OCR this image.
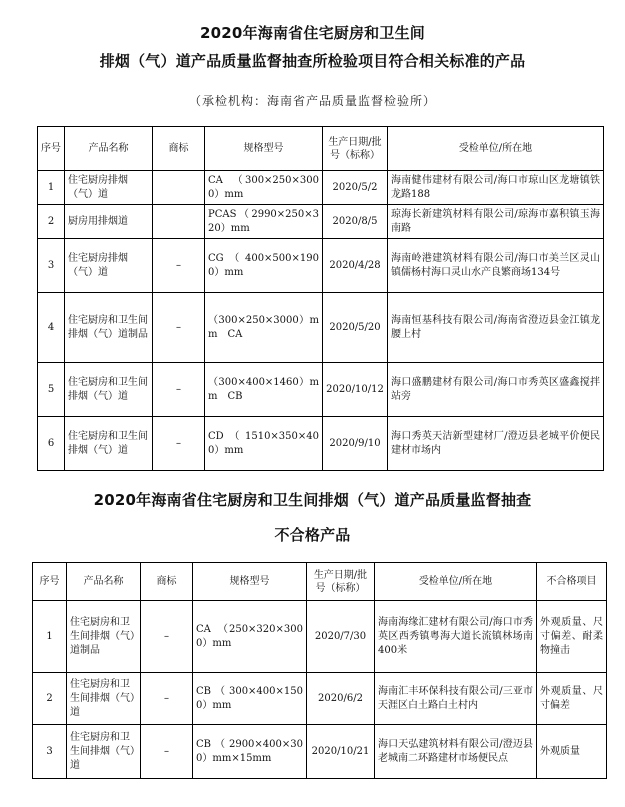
2020年海南省住宅厨房和卫生间
排烟（气）道产品质量监督抽查所检验项目符合相关标准的产品
（承检机构：海南省产品质量监督检验所）
序号	产品名称	商标	规格型号	生产日期/批号（标称）	受检单位/所在地
1	住宅厨房排烟（气）道		CA　（300×250×3000）mm	2020/5/2	海南健伟建材有限公司/海口市琼山区龙塘镇铁龙路188
2	厨房用排烟道		PCAS（2990×250×320）mm	2020/8/5	琼海长新建筑材料有限公司/琼海市嘉积镇玉海南路
3	住宅厨房排烟（气）道	–	CG（400×500×1900）mm	2020/4/28	海南岭港建筑材料有限公司/海口市美兰区灵山镇儒杨村海口灵山水产良繁商场134号
4	住宅厨房和卫生间排烟（气）道制品	–	（300×250×3000）mm　CA	2020/5/20	海南恒基科技有限公司/海南省澄迈县金江镇龙腰上村
5	住宅厨房和卫生间排烟（气）道	–	（300×400×1460）mm　CB	2020/10/12	海口盛鹏建材有限公司/海口市秀英区盛鑫搅拌站旁
6	住宅厨房和卫生间排烟（气）道	–	CD（1510×350×400）mm	2020/9/10	海口秀英天洁新型建材厂/澄迈县老城平价便民建材市场内
2020年海南省住宅厨房和卫生间排烟（气）道产品质量监督抽查
不合格产品
序号	产品名称	商标	规格型号	生产日期/批号（标称）	受检单位/所在地	不合格项目
1	住宅厨房和卫生间排烟（气）道制品	–	CA　（250×320×3000）mm	2020/7/30	海南海缘汇建材有限公司/海口市秀英区西秀镇粤海大道长流镇林场南400米	外观质量、尺寸偏差、耐柔物撞击
2	住宅厨房和卫生间排烟（气）道	–	CB（300×400×1500）mm	2020/6/2	海南汇丰环保科技有限公司/三亚市天涯区白土路白土村内	外观质量、尺寸偏差
3	住宅厨房和卫生间排烟（气）道	–	CB（2900×400×300）mm×15mm	2020/10/21	海口天弘建筑材料有限公司/澄迈县老城南二环路建材市场便民点	外观质量
